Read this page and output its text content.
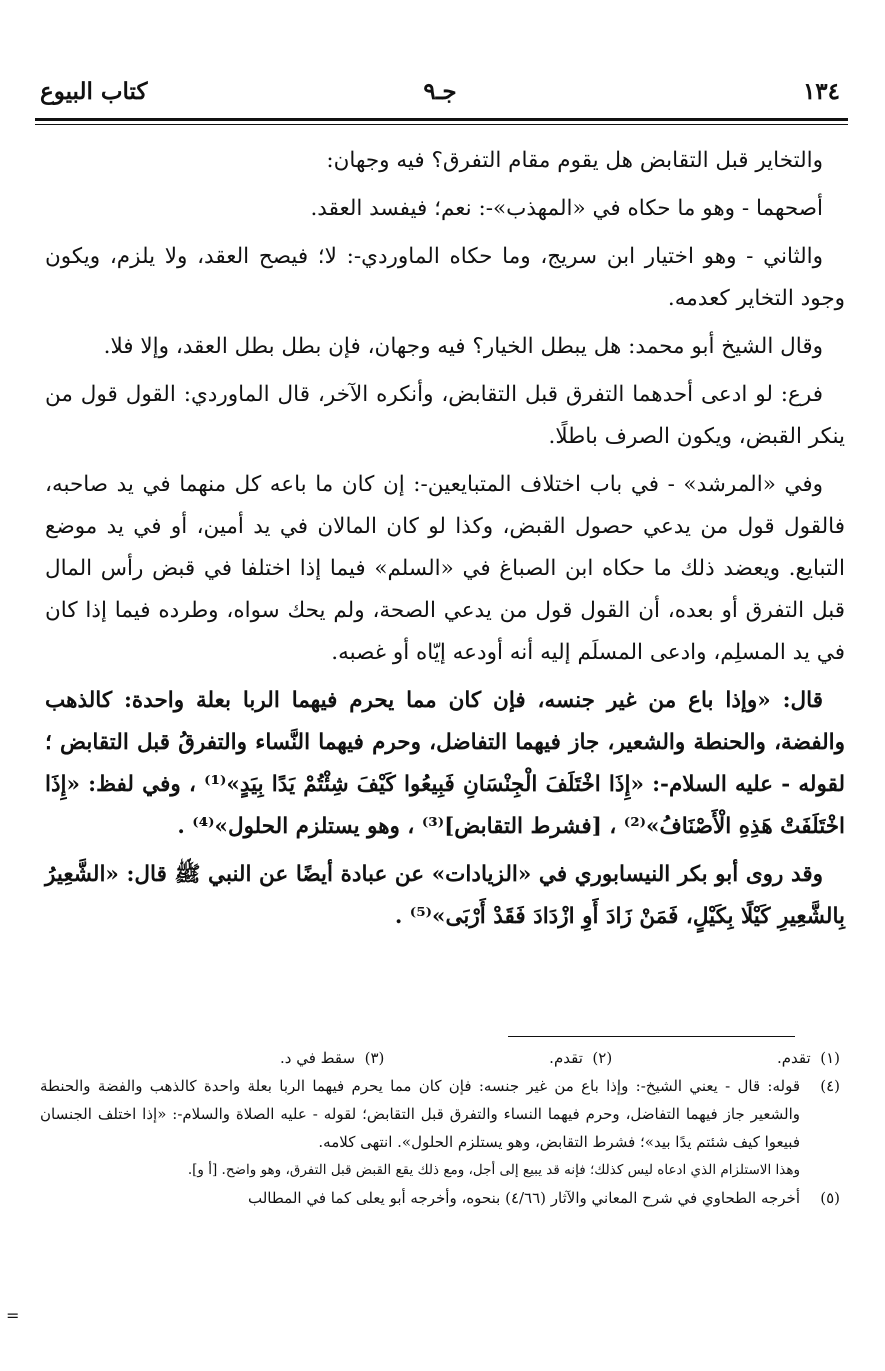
١٣٤
جـ٩
كتاب البيوع

والتخاير قبل التقابض هل يقوم مقام التفرق؟ فيه وجهان:

أصحهما - وهو ما حكاه في «المهذب»-: نعم؛ فيفسد العقد.

والثاني - وهو اختيار ابن سريج، وما حكاه الماوردي-: لا؛ فيصح العقد، ولا يلزم، ويكون وجود التخاير كعدمه.

وقال الشيخ أبو محمد: هل يبطل الخيار؟ فيه وجهان، فإن بطل بطل العقد، وإلا فلا.

فرع: لو ادعى أحدهما التفرق قبل التقابض، وأنكره الآخر، قال الماوردي: القول قول من ينكر القبض، ويكون الصرف باطلًا.

وفي «المرشد» - في باب اختلاف المتبايعين-: إن كان ما باعه كل منهما في يد صاحبه، فالقول قول من يدعي حصول القبض، وكذا لو كان المالان في يد أمين، أو في يد موضع التبايع. ويعضد ذلك ما حكاه ابن الصباغ في «السلم» فيما إذا اختلفا في قبض رأس المال قبل التفرق أو بعده، أن القول قول من يدعي الصحة، ولم يحك سواه، وطرده فيما إذا كان في يد المسلِم، وادعى المسلَم إليه أنه أودعه إيّاه أو غصبه.

قال: «وإذا باع من غير جنسه، فإن كان مما يحرم فيهما الربا بعلة واحدة: كالذهب والفضة، والحنطة والشعير، جاز فيهما التفاضل، وحرم فيهما النَّساء والتفرقُ قبل التقابض ؛ لقوله - عليه السلام-: «إِذَا اخْتَلَفَ الْجِنْسَانِ فَبِيعُوا كَيْفَ شِئْتُمْ يَدًا بِيَدٍ»⁽¹⁾ ، وفي لفظ: «إِذَا اخْتَلَفَتْ هَذِهِ الْأَصْنَافُ»⁽²⁾ ، [فشرط التقابض]⁽³⁾ ، وهو يستلزم الحلول»⁽⁴⁾ .

وقد روى أبو بكر النيسابوري في «الزيادات» عن عبادة أيضًا عن النبي ﷺ قال: «الشَّعِيرُ بِالشَّعِيرِ كَيْلًا بِكَيْلٍ، فَمَنْ زَادَ أَوِ ازْدَادَ فَقَدْ أَرْبَى»⁽⁵⁾ .

(١)  تقدم.
(٢)  تقدم.
(٣)  سقط في د.
(٤)
قوله: قال - يعني الشيخ-: وإذا باع من غير جنسه: فإن كان مما يحرم فيهما الربا بعلة واحدة كالذهب والفضة والحنطة والشعير جاز فيهما التفاضل، وحرم فيهما النساء والتفرق قبل التقابض؛ لقوله - عليه الصلاة والسلام-: «إذا اختلف الجنسان فبيعوا كيف شئتم يدًا بيد»؛ فشرط التقابض، وهو يستلزم الحلول». انتهى كلامه.
وهذا الاستلزام الذي ادعاه ليس كذلك؛ فإنه قد يبيع إلى أجل، ومع ذلك يقع القبض قبل التفرق، وهو واضح. [أ و].
(٥)
أخرجه الطحاوي في شرح المعاني والآثار (٤/٦٦) بنحوه، وأخرجه أبو يعلى كما في المطالب
=
